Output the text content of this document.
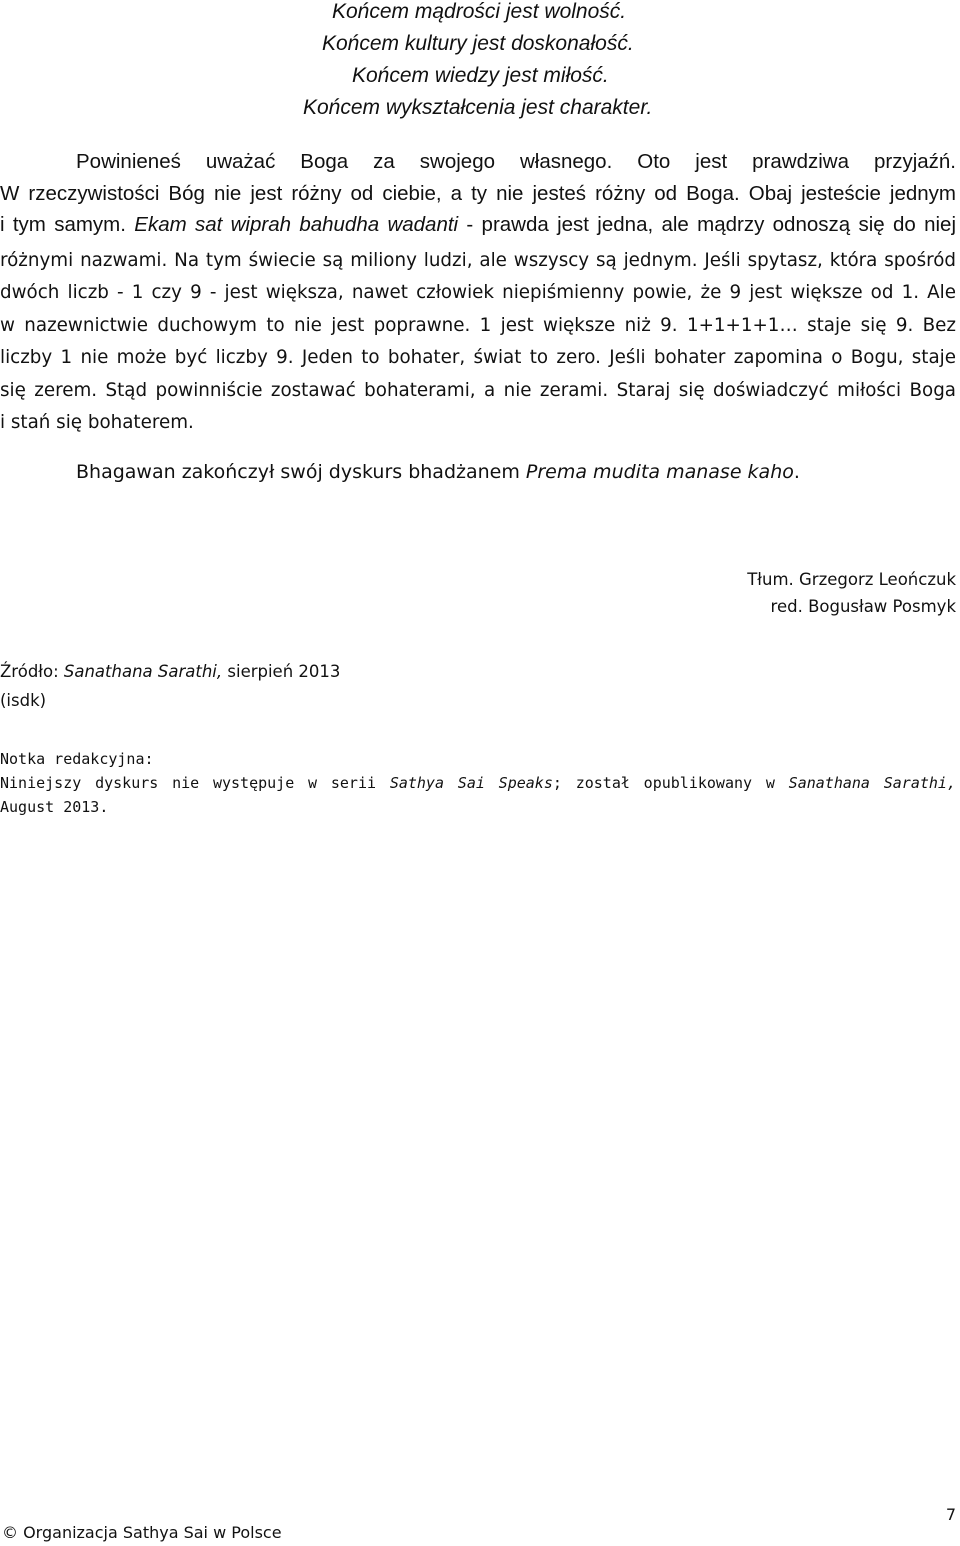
Końcem mądrości jest wolność.
Końcem kultury jest doskonałość.
Końcem wiedzy jest miłość.
Końcem wykształcenia jest charakter.
Powinieneś uważać Boga za swojego własnego. Oto jest prawdziwa przyjaźń.
W rzeczywistości Bóg nie jest różny od ciebie, a ty nie jesteś różny od Boga. Obaj jesteście jednym
i tym samym. Ekam sat wiprah bahudha wadanti - prawda jest jedna, ale mądrzy odnoszą się do niej
różnymi nazwami. Na tym świecie są miliony ludzi, ale wszyscy są jednym. Jeśli spytasz, która spośród
dwóch liczb - 1 czy 9 - jest większa, nawet człowiek niepiśmienny powie, że 9 jest większe od 1. Ale
w nazewnictwie duchowym to nie jest poprawne. 1 jest większe niż 9. 1+1+1+1… staje się 9. Bez
liczby 1 nie może być liczby 9. Jeden to bohater, świat to zero. Jeśli bohater zapomina o Bogu, staje
się zerem. Stąd powinniście zostawać bohaterami, a nie zerami. Staraj się doświadczyć miłości Boga
i stań się bohaterem.
Bhagawan zakończył swój dyskurs bhadżanem Prema mudita manase kaho.
Tłum. Grzegorz Leończuk
red. Bogusław Posmyk
Źródło: Sanathana Sarathi, sierpień 2013
(isdk)
Notka redakcyjna:
Niniejszy dyskurs nie występuje w serii Sathya Sai Speaks; został opublikowany w Sanathana Sarathi, August 2013.
7
© Organizacja Sathya Sai w Polsce
